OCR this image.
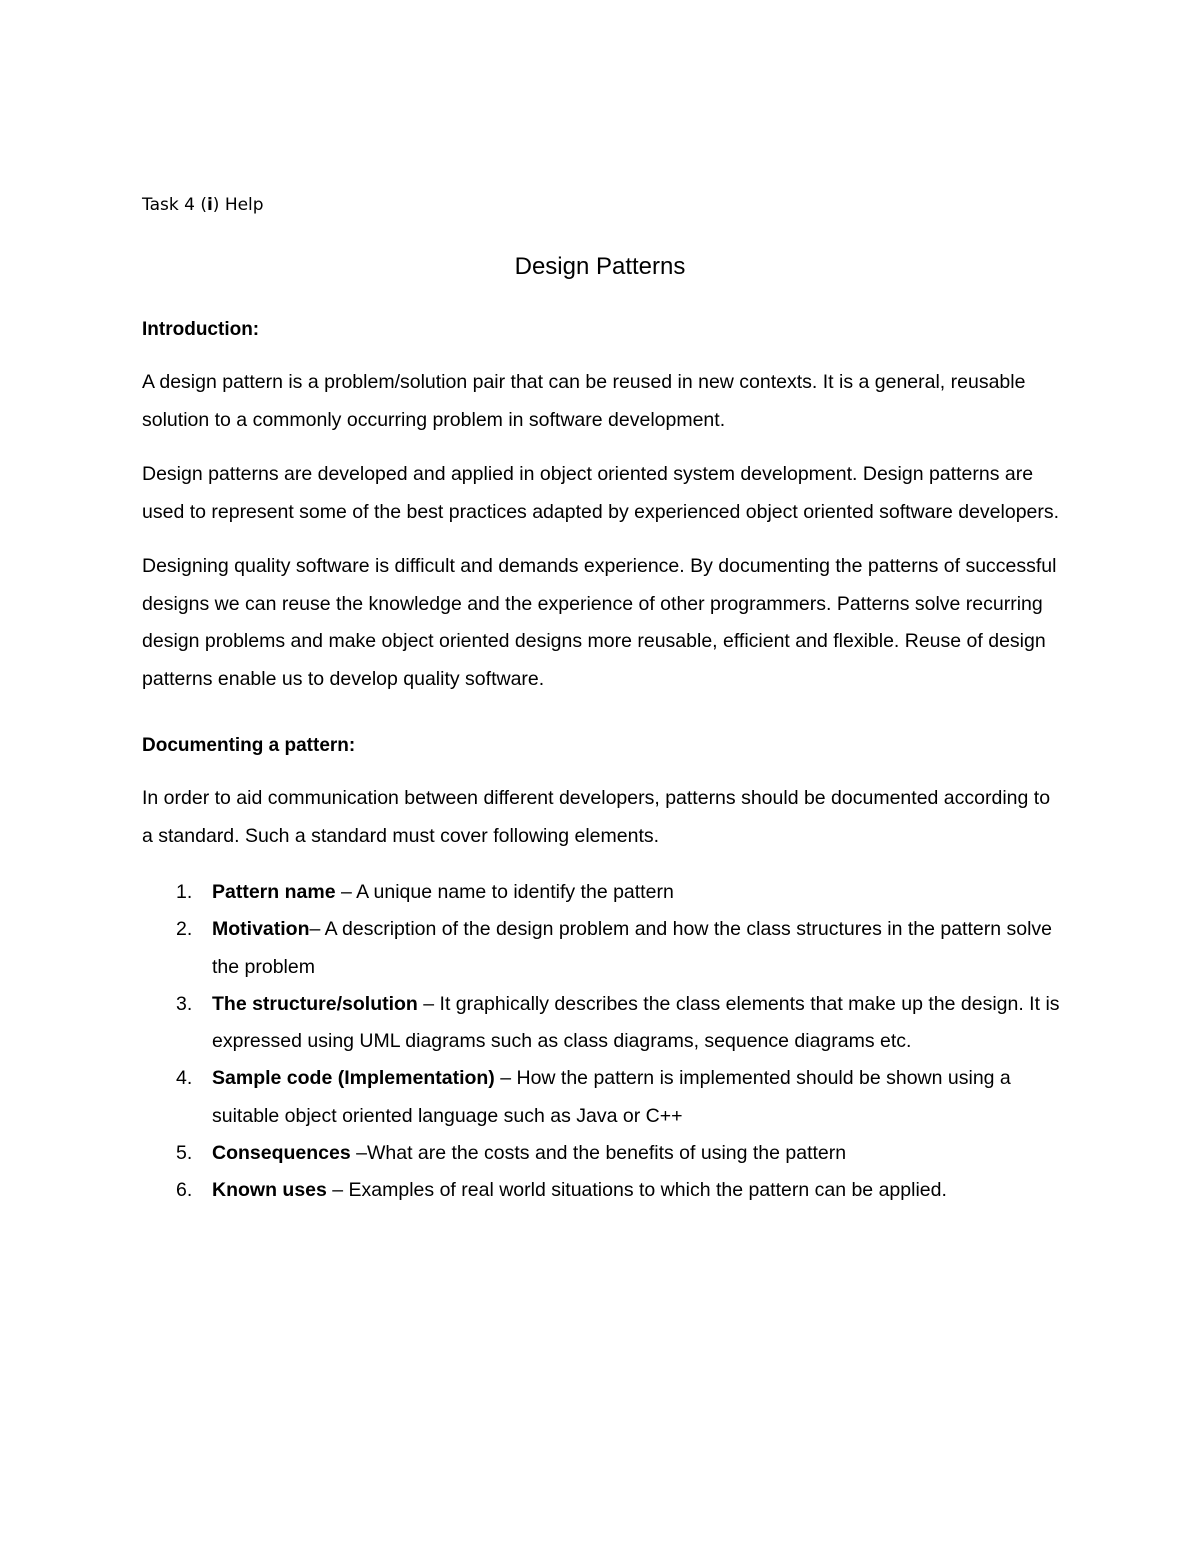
Task 4 (i) Help

Design Patterns
Introduction:

A design pattern is a problem/solution pair that can be reused in new contexts. It is a general, reusable solution to a commonly occurring problem in software development.

Design patterns are developed and applied in object oriented system development. Design patterns are used to represent some of the best practices adapted by experienced object oriented software developers.

Designing quality software is difficult and demands experience. By documenting the patterns of successful designs we can reuse the knowledge and the experience of other programmers. Patterns solve recurring design problems and make object oriented designs more reusable, efficient and flexible. Reuse of design patterns enable us to develop quality software.

Documenting a pattern:

In order to aid communication between different developers, patterns should be documented according to a standard. Such a standard must cover following elements.

1. Pattern name – A unique name to identify the pattern
2. Motivation– A description of the design problem and how the class structures in the pattern solve the problem
3. The structure/solution – It graphically describes the class elements that make up the design. It is expressed using UML diagrams such as class diagrams, sequence diagrams etc.
4. Sample code (Implementation) – How the pattern is implemented should be shown using a suitable object oriented language such as Java or C++
5. Consequences –What are the costs and the benefits of using the pattern
6. Known uses – Examples of real world situations to which the pattern can be applied.
